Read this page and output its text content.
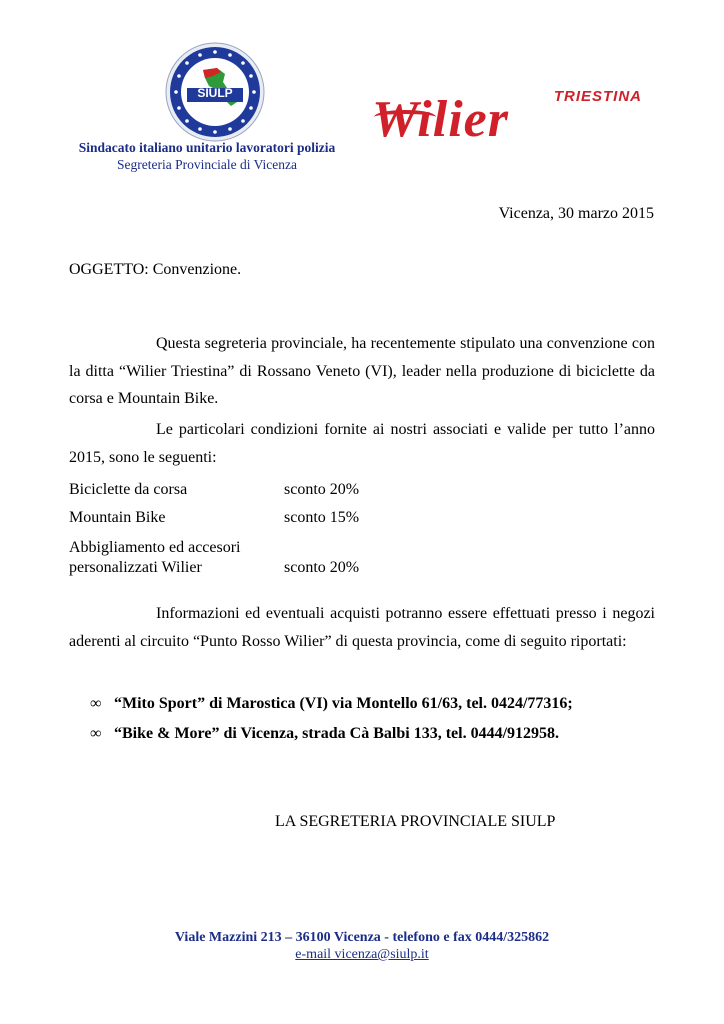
SIULP
Sindacato italiano unitario lavoratori polizia
Segreteria Provinciale di Vicenza
TRIESTINA
Wilier
Vicenza, 30 marzo 2015
OGGETTO: Convenzione.
Questa segreteria provinciale, ha recentemente stipulato una convenzione con la ditta “Wilier Triestina” di Rossano Veneto (VI), leader nella produzione di biciclette da corsa e Mountain Bike.
Le particolari condizioni fornite ai nostri associati e valide per tutto l’anno 2015, sono le seguenti:
Biciclette da corsa	sconto 20%
Mountain Bike	sconto 15%
Abbigliamento ed accesori personalizzati Wilier	sconto 20%
Informazioni ed eventuali acquisti potranno essere effettuati presso i negozi aderenti al circuito “Punto Rosso Wilier” di questa provincia, come di seguito riportati:
∞ “Mito Sport” di Marostica (VI) via Montello 61/63, tel. 0424/77316;
∞ “Bike & More” di Vicenza, strada Cà Balbi 133, tel. 0444/912958.
LA SEGRETERIA PROVINCIALE SIULP
Viale Mazzini 213 – 36100 Vicenza - telefono e fax 0444/325862
e-mail vicenza@siulp.it
